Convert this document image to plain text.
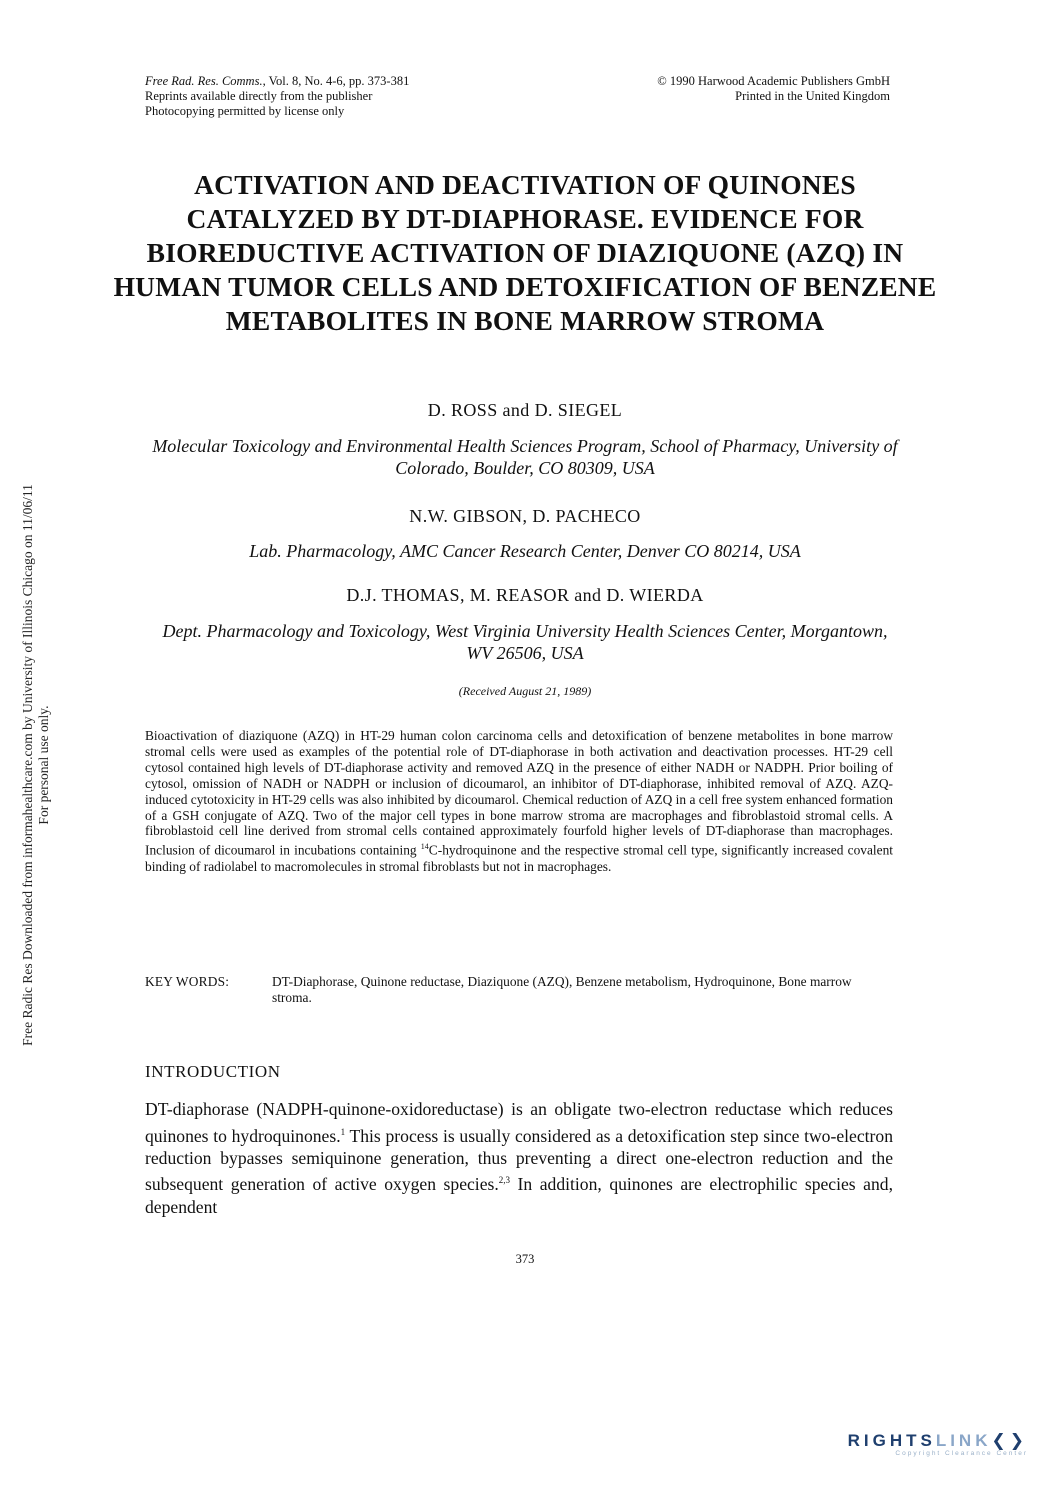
Free Rad. Res. Comms., Vol. 8, No. 4-6, pp. 373-381
Reprints available directly from the publisher
Photocopying permitted by license only
© 1990 Harwood Academic Publishers GmbH
Printed in the United Kingdom
ACTIVATION AND DEACTIVATION OF QUINONES CATALYZED BY DT-DIAPHORASE. EVIDENCE FOR BIOREDUCTIVE ACTIVATION OF DIAZIQUONE (AZQ) IN HUMAN TUMOR CELLS AND DETOXIFICATION OF BENZENE METABOLITES IN BONE MARROW STROMA
D. ROSS and D. SIEGEL
Molecular Toxicology and Environmental Health Sciences Program, School of Pharmacy, University of Colorado, Boulder, CO 80309, USA
N.W. GIBSON, D. PACHECO
Lab. Pharmacology, AMC Cancer Research Center, Denver CO 80214, USA
D.J. THOMAS, M. REASOR and D. WIERDA
Dept. Pharmacology and Toxicology, West Virginia University Health Sciences Center, Morgantown, WV 26506, USA
(Received August 21, 1989)
Bioactivation of diaziquone (AZQ) in HT-29 human colon carcinoma cells and detoxification of benzene metabolites in bone marrow stromal cells were used as examples of the potential role of DT-diaphorase in both activation and deactivation processes. HT-29 cell cytosol contained high levels of DT-diaphorase activity and removed AZQ in the presence of either NADH or NADPH. Prior boiling of cytosol, omission of NADH or NADPH or inclusion of dicoumarol, an inhibitor of DT-diaphorase, inhibited removal of AZQ. AZQ-induced cytotoxicity in HT-29 cells was also inhibited by dicoumarol. Chemical reduction of AZQ in a cell free system enhanced formation of a GSH conjugate of AZQ. Two of the major cell types in bone marrow stroma are macrophages and fibroblastoid stromal cells. A fibroblastoid cell line derived from stromal cells contained approximately fourfold higher levels of DT-diaphorase than macrophages. Inclusion of dicoumarol in incubations containing $^{14}$C-hydroquinone and the respective stromal cell type, significantly increased covalent binding of radiolabel to macromolecules in stromal fibroblasts but not in macrophages.
KEY WORDS:	DT-Diaphorase, Quinone reductase, Diaziquone (AZQ), Benzene metabolism, Hydroquinone, Bone marrow stroma.
INTRODUCTION
DT-diaphorase (NADPH-quinone-oxidoreductase) is an obligate two-electron reductase which reduces quinones to hydroquinones.$^1$ This process is usually considered as a detoxification step since two-electron reduction bypasses semiquinone generation, thus preventing a direct one-electron reduction and the subsequent generation of active oxygen species.$^{2,3}$ In addition, quinones are electrophilic species and, dependent
373
Free Radic Res Downloaded from informahealthcare.com by University of Illinois Chicago on 11/06/11 For personal use only.
RIGHTSLINK❮❯
Copyright Clearance Center
